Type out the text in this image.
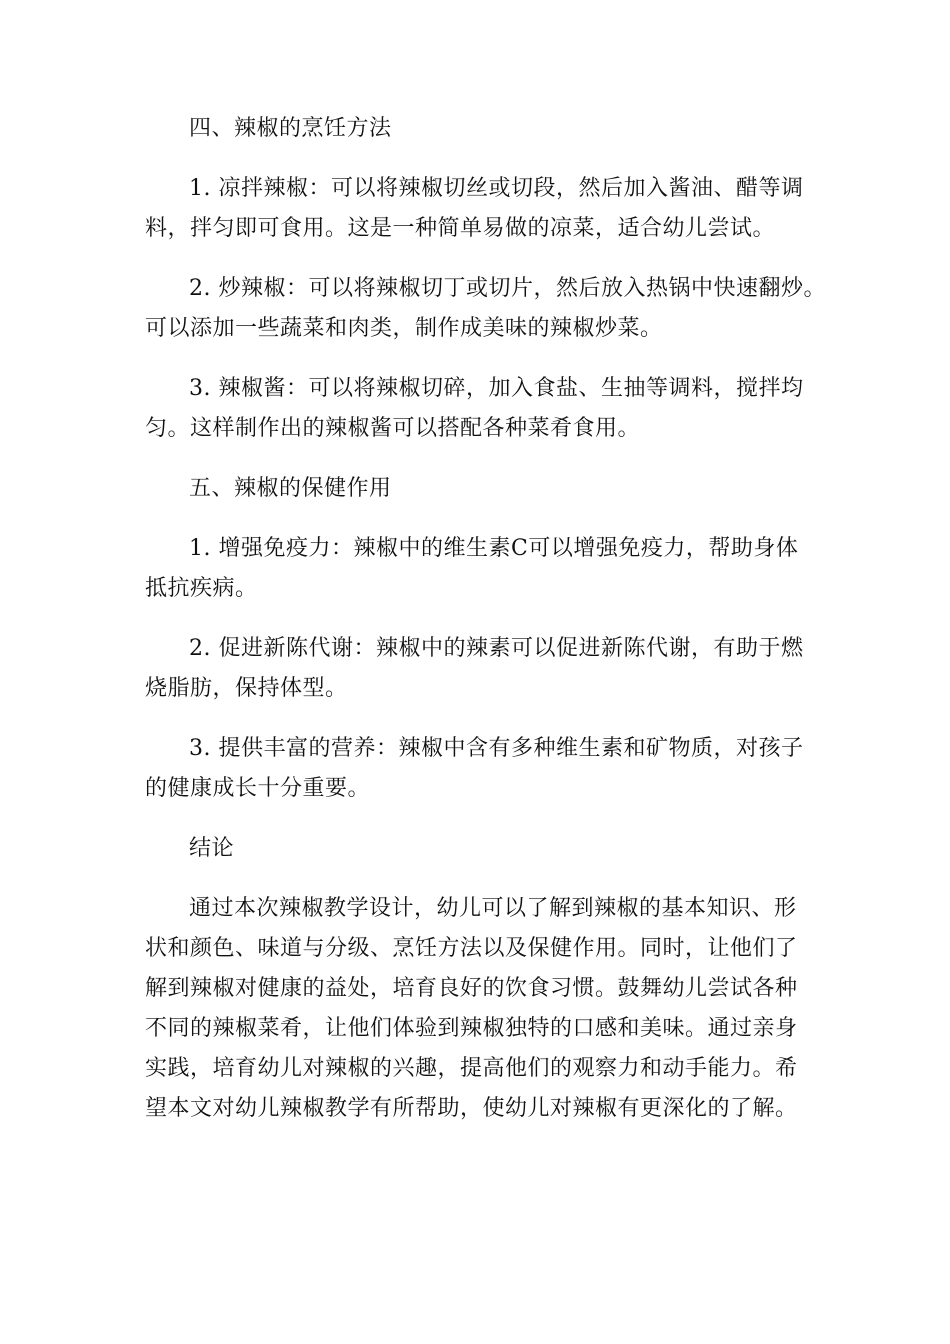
四、辣椒的烹饪方法
1. 凉拌辣椒：可以将辣椒切丝或切段，然后加入酱油、醋等调
料，拌匀即可食用。这是一种简单易做的凉菜，适合幼儿尝试。
2. 炒辣椒：可以将辣椒切丁或切片，然后放入热锅中快速翻炒。
可以添加一些蔬菜和肉类，制作成美味的辣椒炒菜。
3. 辣椒酱：可以将辣椒切碎，加入食盐、生抽等调料，搅拌均
匀。这样制作出的辣椒酱可以搭配各种菜肴食用。
五、辣椒的保健作用
1. 增强免疫力：辣椒中的维生素C可以增强免疫力，帮助身体
抵抗疾病。
2. 促进新陈代谢：辣椒中的辣素可以促进新陈代谢，有助于燃
烧脂肪，保持体型。
3. 提供丰富的营养：辣椒中含有多种维生素和矿物质，对孩子
的健康成长十分重要。
结论
通过本次辣椒教学设计，幼儿可以了解到辣椒的基本知识、形
状和颜色、味道与分级、烹饪方法以及保健作用。同时，让他们了
解到辣椒对健康的益处，培育良好的饮食习惯。鼓舞幼儿尝试各种
不同的辣椒菜肴，让他们体验到辣椒独特的口感和美味。通过亲身
实践，培育幼儿对辣椒的兴趣，提高他们的观察力和动手能力。希
望本文对幼儿辣椒教学有所帮助，使幼儿对辣椒有更深化的了解。
